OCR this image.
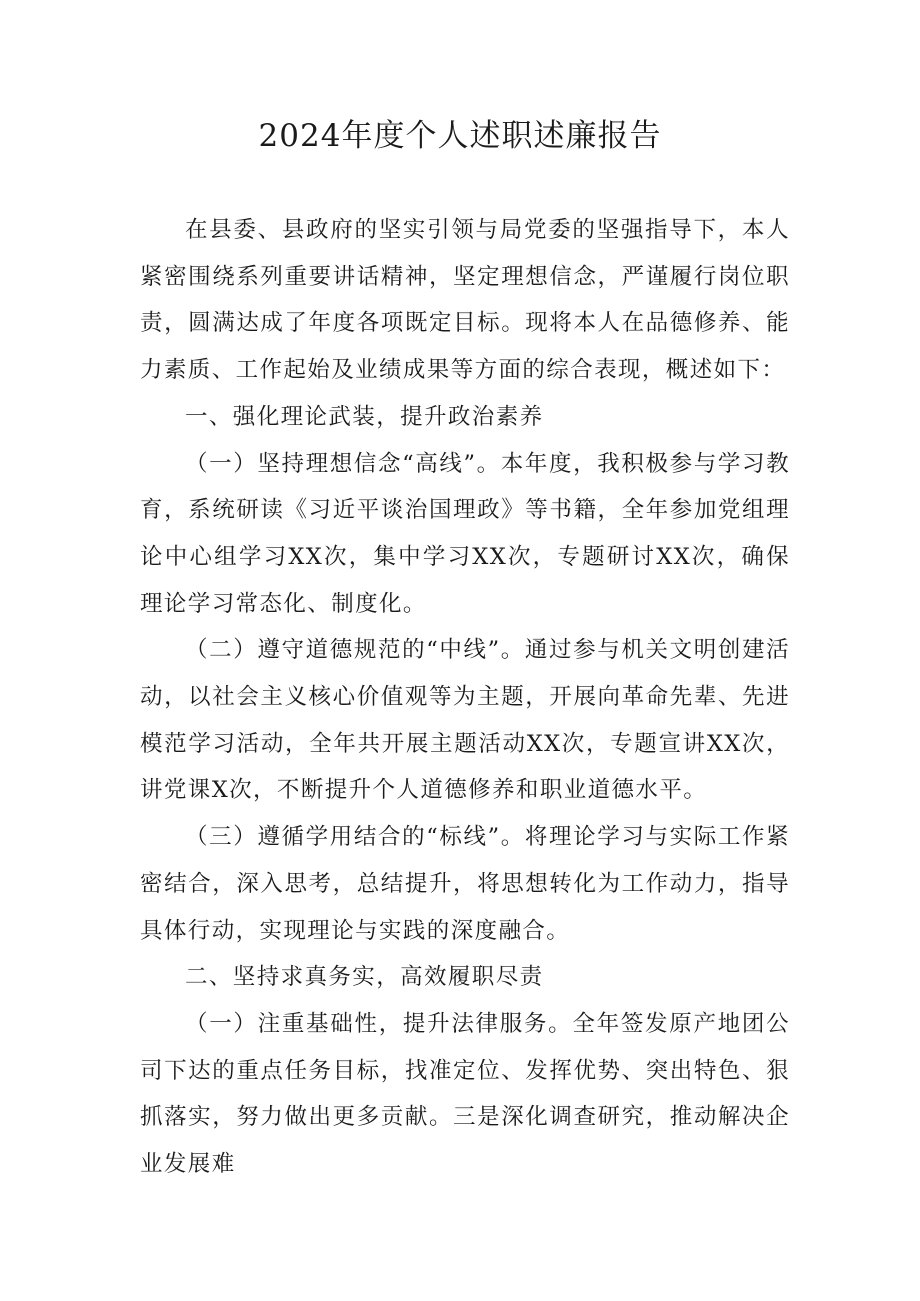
2024年度个人述职述廉报告

在县委、县政府的坚实引领与局党委的坚强指导下，本人紧密围绕系列重要讲话精神，坚定理想信念，严谨履行岗位职责，圆满达成了年度各项既定目标。现将本人在品德修养、能力素质、工作起始及业绩成果等方面的综合表现，概述如下：

一、强化理论武装，提升政治素养

（一）坚持理想信念“高线”。本年度，我积极参与学习教育，系统研读《习近平谈治国理政》等书籍，全年参加党组理论中心组学习XX次，集中学习XX次，专题研讨XX次，确保理论学习常态化、制度化。

（二）遵守道德规范的“中线”。通过参与机关文明创建活动，以社会主义核心价值观等为主题，开展向革命先辈、先进模范学习活动，全年共开展主题活动XX次，专题宣讲XX次，讲党课X次，不断提升个人道德修养和职业道德水平。

（三）遵循学用结合的“标线”。将理论学习与实际工作紧密结合，深入思考，总结提升，将思想转化为工作动力，指导具体行动，实现理论与实践的深度融合。

二、坚持求真务实，高效履职尽责

（一）注重基础性，提升法律服务。全年签发原产地团公司下达的重点任务目标，找准定位、发挥优势、突出特色、狠抓落实，努力做出更多贡献。三是深化调查研究，推动解决企业发展难
